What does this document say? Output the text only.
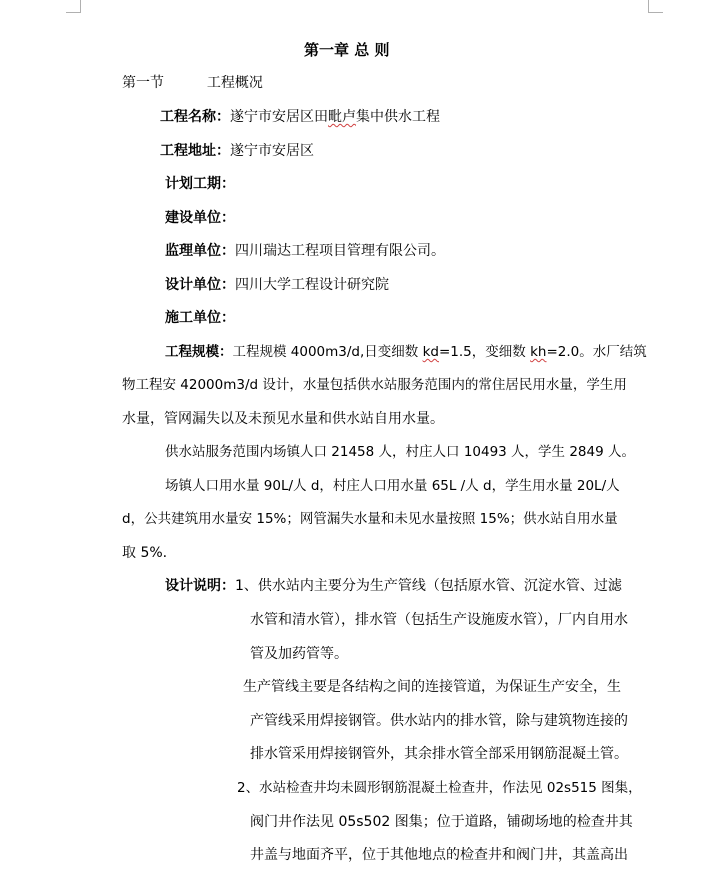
第一章 总 则
第一节	工程概况
工程名称：遂宁市安居区田毗卢集中供水工程
工程地址：遂宁市安居区
计划工期：
建设单位：
监理单位：四川瑞达工程项目管理有限公司。
设计单位：四川大学工程设计研究院
施工单位：
工程规模：工程规模 4000m3/d,日变细数 kd=1.5，变细数 kh=2.0。水厂结筑
物工程安 42000m3/d 设计，水量包括供水站服务范围内的常住居民用水量，学生用
水量，管网漏失以及未预见水量和供水站自用水量。
供水站服务范围内场镇人口 21458 人，村庄人口 10493 人，学生 2849 人。
场镇人口用水量 90L/人 d，村庄人口用水量 65L /人 d，学生用水量 20L/人
d，公共建筑用水量安 15%；网管漏失水量和未见水量按照 15%；供水站自用水量
取 5%.
设计说明：1、供水站内主要分为生产管线（包括原水管、沉淀水管、过滤
水管和清水管），排水管（包括生产设施废水管），厂内自用水
管及加药管等。
生产管线主要是各结构之间的连接管道，为保证生产安全，生
产管线采用焊接钢管。供水站内的排水管，除与建筑物连接的
排水管采用焊接钢管外，其余排水管全部采用钢筋混凝土管。
2、水站检查井均未圆形钢筋混凝土检查井，作法见 02s515 图集，
阀门井作法见 05s502 图集；位于道路，铺砌场地的检查井其
井盖与地面齐平，位于其他地点的检查井和阀门井，其盖高出
